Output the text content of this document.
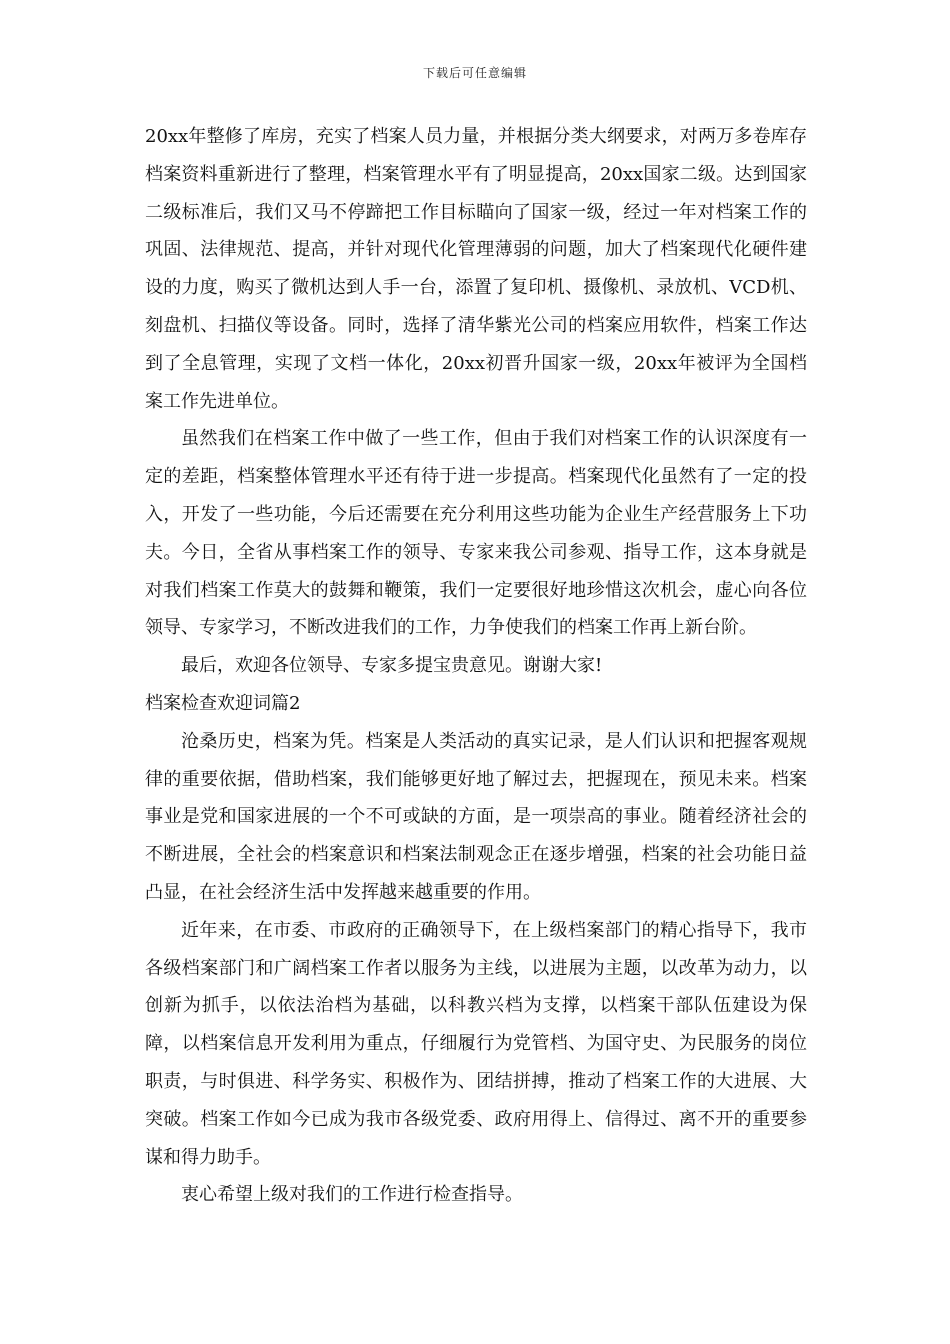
下载后可任意编辑

20xx年整修了库房，充实了档案人员力量，并根据分类大纲要求，对两万多卷库存档案资料重新进行了整理，档案管理水平有了明显提高，20xx国家二级。达到国家二级标准后，我们又马不停蹄把工作目标瞄向了国家一级，经过一年对档案工作的巩固、法律规范、提高，并针对现代化管理薄弱的问题，加大了档案现代化硬件建设的力度，购买了微机达到人手一台，添置了复印机、摄像机、录放机、VCD机、刻盘机、扫描仪等设备。同时，选择了清华紫光公司的档案应用软件，档案工作达到了全息管理，实现了文档一体化，20xx初晋升国家一级，20xx年被评为全国档案工作先进单位。

虽然我们在档案工作中做了一些工作，但由于我们对档案工作的认识深度有一定的差距，档案整体管理水平还有待于进一步提高。档案现代化虽然有了一定的投入，开发了一些功能，今后还需要在充分利用这些功能为企业生产经营服务上下功夫。今日，全省从事档案工作的领导、专家来我公司参观、指导工作，这本身就是对我们档案工作莫大的鼓舞和鞭策，我们一定要很好地珍惜这次机会，虚心向各位领导、专家学习，不断改进我们的工作，力争使我们的档案工作再上新台阶。

最后，欢迎各位领导、专家多提宝贵意见。谢谢大家!

档案检查欢迎词篇2

沧桑历史，档案为凭。档案是人类活动的真实记录，是人们认识和把握客观规律的重要依据，借助档案，我们能够更好地了解过去，把握现在，预见未来。档案事业是党和国家进展的一个不可或缺的方面，是一项崇高的事业。随着经济社会的不断进展，全社会的档案意识和档案法制观念正在逐步增强，档案的社会功能日益凸显，在社会经济生活中发挥越来越重要的作用。

近年来，在市委、市政府的正确领导下，在上级档案部门的精心指导下，我市各级档案部门和广阔档案工作者以服务为主线，以进展为主题，以改革为动力，以创新为抓手，以依法治档为基础，以科教兴档为支撑，以档案干部队伍建设为保障，以档案信息开发利用为重点，仔细履行为党管档、为国守史、为民服务的岗位职责，与时俱进、科学务实、积极作为、团结拼搏，推动了档案工作的大进展、大突破。档案工作如今已成为我市各级党委、政府用得上、信得过、离不开的重要参谋和得力助手。

衷心希望上级对我们的工作进行检查指导。
